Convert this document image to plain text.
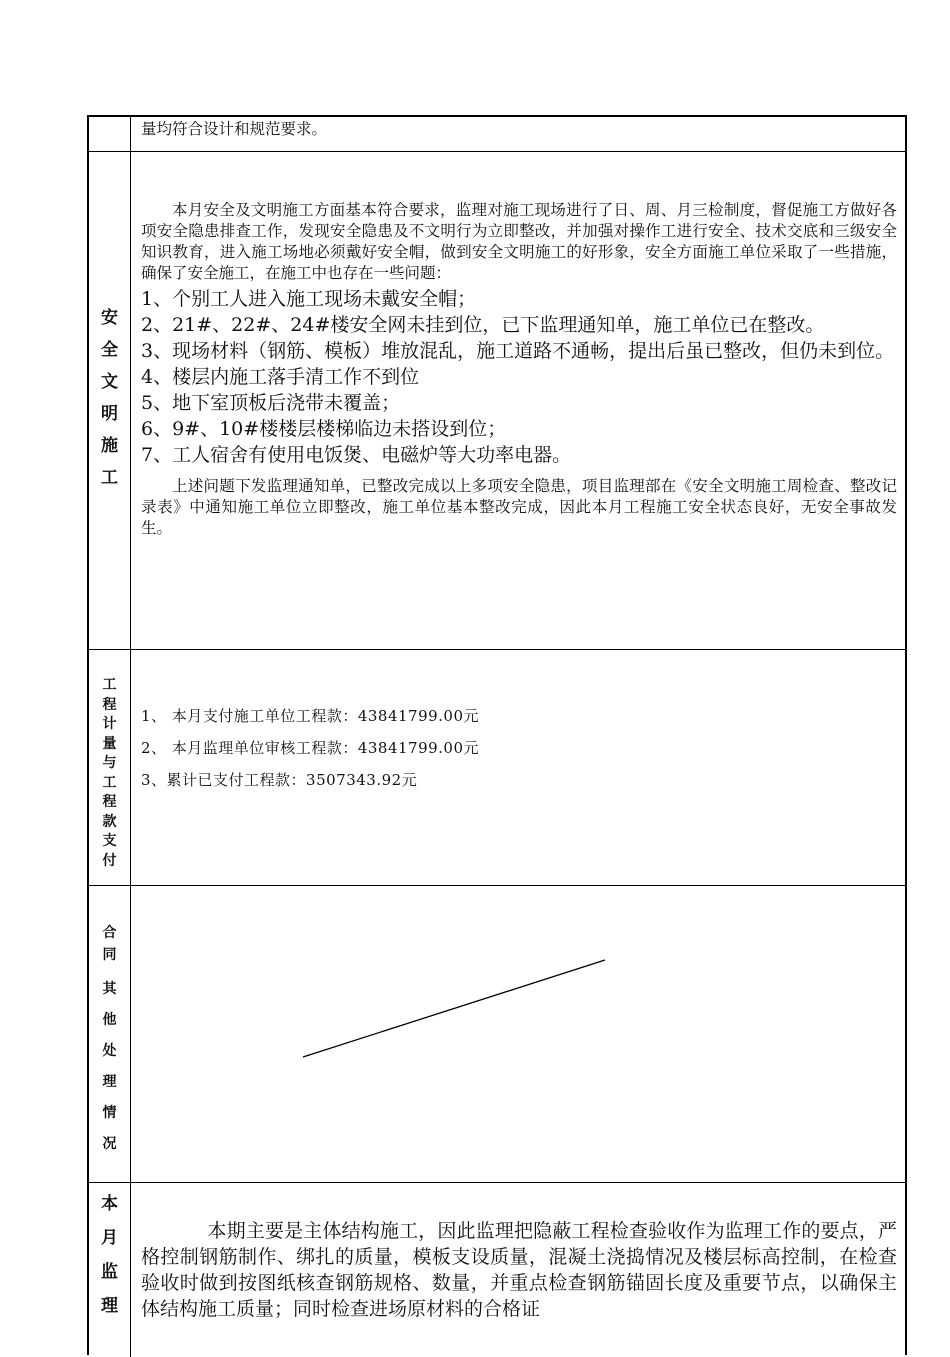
量均符合设计和规范要求。

安
全
文
明
施
工

本月安全及文明施工方面基本符合要求，监理对施工现场进行了日、周、月三检制度，督促施工方做好各项安全隐患排查工作，发现安全隐患及不文明行为立即整改，并加强对操作工进行安全、技术交底和三级安全知识教育，进入施工场地必须戴好安全帽，做到安全文明施工的好形象，安全方面施工单位采取了一些措施，确保了安全施工，在施工中也存在一些问题：

1、个别工人进入施工现场未戴安全帽；

2、21#、22#、24#楼安全网未挂到位，已下监理通知单，施工单位已在整改。

3、现场材料（钢筋、模板）堆放混乱，施工道路不通畅，提出后虽已整改，但仍未到位。

4、楼层内施工落手清工作不到位

5、地下室顶板后浇带未覆盖；

6、9#、10#楼楼层楼梯临边未搭设到位；

7、工人宿舍有使用电饭煲、电磁炉等大功率电器。

上述问题下发监理通知单，已整改完成以上多项安全隐患，项目监理部在《安全文明施工周检查、整改记录表》中通知施工单位立即整改，施工单位基本整改完成，因此本月工程施工安全状态良好，无安全事故发生。

工
程
计
量
与
工
程
款
支
付

1、 本月支付施工单位工程款：43841799.00元

2、 本月监理单位审核工程款：43841799.00元

3、累计已支付工程款：3507343.92元

合
同
其
他
处
理
情
况
本
月
监
理

本期主要是主体结构施工，因此监理把隐蔽工程检查验收作为监理工作的要点，严格控制钢筋制作、绑扎的质量，模板支设质量，混凝土浇捣情况及楼层标高控制，在检查验收时做到按图纸核查钢筋规格、数量，并重点检查钢筋锚固长度及重要节点，以确保主体结构施工质量；同时检查进场原材料的合格证
